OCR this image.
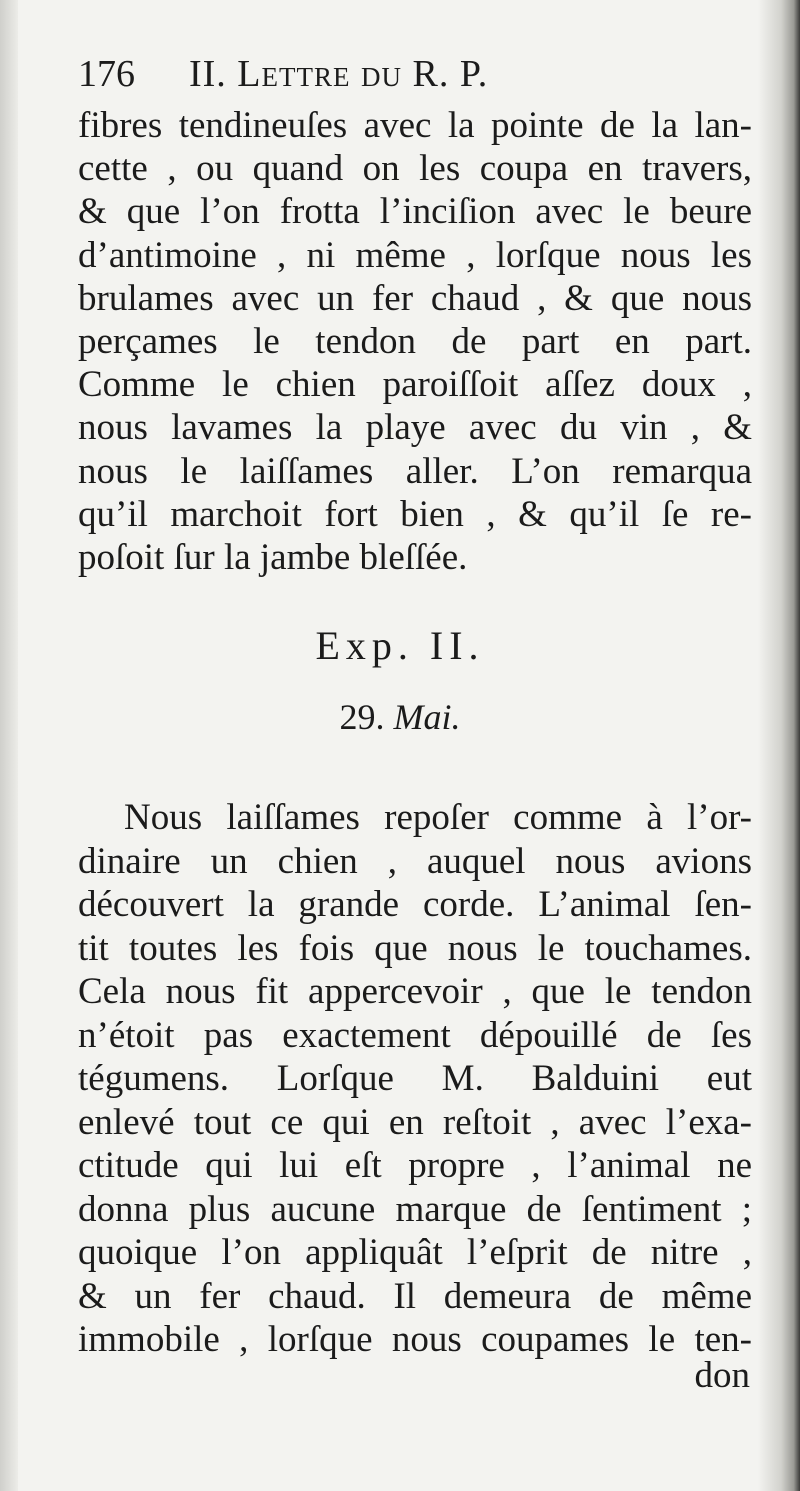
176 II. Lettre du R. P.
fibres tendineuſes avec la pointe de la lan-
cette , ou quand on les coupa en travers,
& que l’on frotta l’inciſion avec le beure
d’antimoine , ni même , lorſque nous les
brulames avec un fer chaud , & que nous
perçames le tendon de part en part.
Comme le chien paroiſſoit aſſez doux ,
nous lavames la playe avec du vin , &
nous le laiſſames aller. L’on remarqua
qu’il marchoit fort bien , & qu’il ſe re-
poſoit ſur la jambe bleſſée.
Exp. II.
29. Mai.
Nous laiſſames repoſer comme à l’or-
dinaire un chien , auquel nous avions
découvert la grande corde. L’animal ſen-
tit toutes les fois que nous le touchames.
Cela nous fit appercevoir , que le tendon
n’étoit pas exactement dépouillé de ſes
tégumens. Lorſque M. Balduini eut
enlevé tout ce qui en reſtoit , avec l’exa-
ctitude qui lui eſt propre , l’animal ne
donna plus aucune marque de ſentiment ;
quoique l’on appliquât l’eſprit de nitre ,
& un fer chaud. Il demeura de même
immobile , lorſque nous coupames le ten-
don
